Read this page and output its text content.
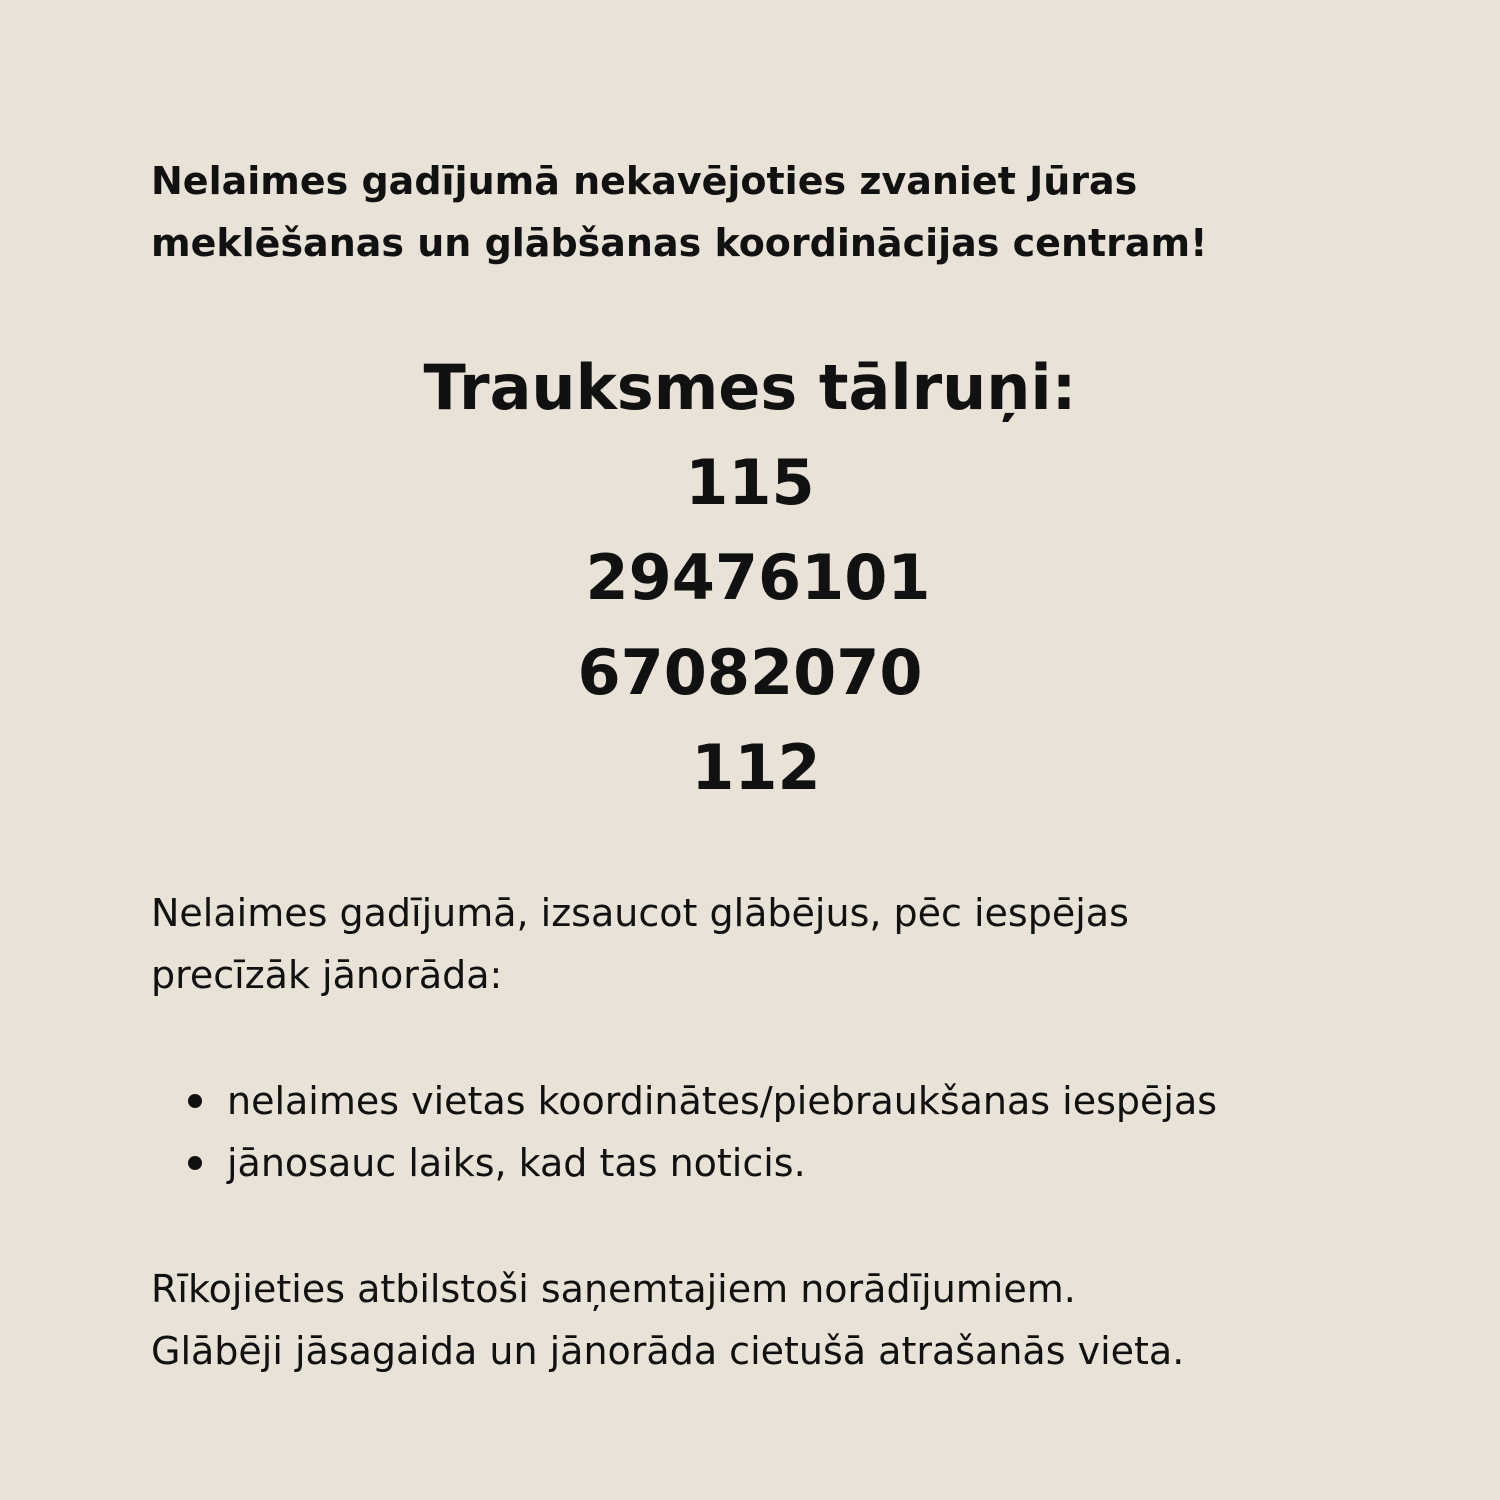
Nelaimes gadījumā nekavējoties zvaniet Jūras
meklēšanas un glābšanas koordinācijas centram!
Trauksmes tālruņi:
115
29476101
67082070
112

Nelaimes gadījumā, izsaucot glābējus, pēc iespējas
precīzāk jānorāda:

nelaimes vietas koordinātes/piebraukšanas iespējas
jānosauc laiks, kad tas noticis.

Rīkojieties atbilstoši saņemtajiem norādījumiem.
Glābēji jāsagaida un jānorāda cietušā atrašanās vieta.
